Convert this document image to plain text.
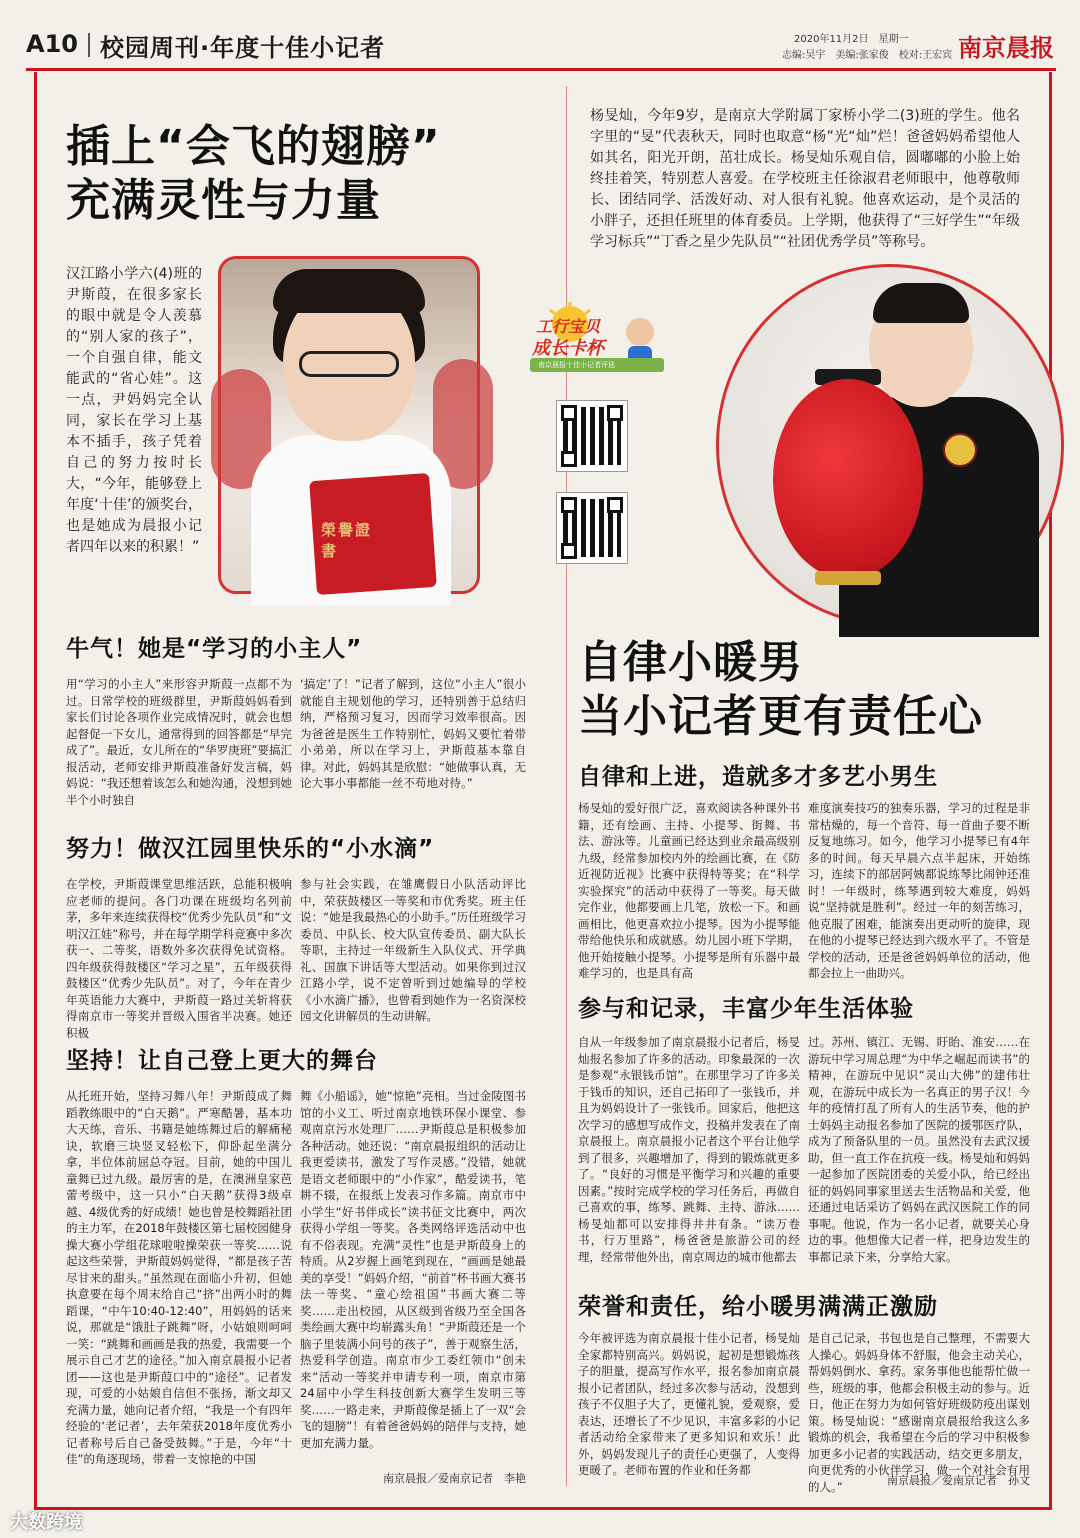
A10 校园周刊·年度十佳小记者	2020年11月2日　星期一
志编:吴宇　美编:张家俊　校对:王宏宾 南京晨报
插上“会飞的翅膀”
充满灵性与力量
汉江路小学六(4)班的尹斯葭，在很多家长的眼中就是令人羡慕的“别人家的孩子”，一个自强自律，能文能武的“省心娃”。这一点，尹妈妈完全认同，家长在学习上基本不插手，孩子凭着自己的努力按时长大，“今年，能够登上年度‘十佳’的颁奖台，也是她成为晨报小记者四年以来的积累！”
榮譽證書
牛气！她是“学习的小主人”
用“学习的小主人”来形容尹斯葭一点都不为过。日常学校的班级群里，尹斯葭妈妈看到家长们讨论各项作业完成情况时，就会也想起督促一下女儿，通常得到的回答都是“早完成了”。最近，女儿所在的“华罗庚班”要搞汇报活动，老师安排尹斯葭准备好发言稿，妈妈说：“我还想着该怎么和她沟通，没想到她半个小时独自
‘搞定’了！”记者了解到，这位“小主人”很小就能自主规划他的学习，还特别善于总结归纳，严格预习复习，因而学习效率很高。因为爸爸是医生工作特别忙，妈妈又要忙着带小弟弟，所以在学习上，尹斯葭基本靠自律。对此，妈妈其是欣慰：“她做事认真，无论大事小事都能一丝不苟地对待。”
努力！做汉江园里快乐的“小水滴”
在学校，尹斯葭课堂思维活跃，总能积极响应老师的提问。各门功课在班级均名列前茅，多年来连续获得校“优秀少先队员”和“文明汉江娃”称号，并在每学期学科竞赛中多次获一、二等奖，语数外多次获得免试资格。四年级获得鼓楼区“学习之星”，五年级获得鼓楼区“优秀少先队员”。对了，今年在青少年英语能力大赛中，尹斯葭一路过关斩将获得南京市一等奖并晋级入围省半决赛。她还积极
参与社会实践，在雏鹰假日小队活动评比中，荣获鼓楼区一等奖和市优秀奖。班主任说：“她是我最热心的小助手。”历任班级学习委员、中队长、校大队宣传委员、副大队长等职，主持过一年级新生入队仪式、开学典礼、国旗下讲话等大型活动。如果你到过汉江路小学，说不定曾听到过她编导的学校《小水滴广播》，也曾看到她作为一名资深校园文化讲解员的生动讲解。
坚持！让自己登上更大的舞台
从托班开始，坚持习舞八年！尹斯葭成了舞蹈教练眼中的“白天鹅”。严寒酷暑，基本功大天练，音乐、书籍是她练舞过后的解痛秘诀，软磨三块竖叉轻松下，仰卧起坐满分拿，半位体前屈总夺冠。目前，她的中国儿童舞已过九级。最厉害的是，在澳洲皇家芭蕾考级中，这一只小“白天鹅”获得3级卓越、4级优秀的好成绩！她也曾是校舞蹈社团的主力军，在2018年鼓楼区第七届校园健身操大赛小学组花球啦啦操荣获一等奖……说起这些荣誉，尹斯葭妈妈觉得，“都是孩子苦尽甘来的甜头。”虽然现在面临小升初，但她执意要在每个周末给自己“挤”出两小时的舞蹈课，“中午10:40-12:40”，用妈妈的话来说，那就是“饿肚子跳舞”呀，小姑娘则呵呵一笑：“跳舞和画画是我的热爱，我需要一个展示自己才艺的途径。”加入南京晨报小记者团——这也是尹斯葭口中的“途径”。记者发现，可爱的小姑娘自信但不张扬，渐文却又充满力量，她向记者介绍，“我是一个有四年经验的‘老记者’，去年荣获2018年度优秀小记者称号后自己备受鼓舞。”于是，今年“十佳”的角逐现场，带着一支惊艳的中国
舞《小船谣》，她“惊艳”亮相。当过金陵图书馆的小义工、听过南京地铁环保小课堂、参观南京污水处理厂……尹斯葭总是积极参加各种活动。她还说：“南京晨报组织的活动让我更爱读书，激发了写作灵感。”没错，她就是语文老师眼中的“小作家”，酷爱读书，笔耕不辍，在报纸上发表习作多篇。南京市中小学生“好书伴成长”读书征文比赛中，两次获得小学组一等奖。各类网络评选活动中也有不俗表现。充满“灵性”也是尹斯葭身上的特质。从2岁握上画笔到现在，“画画是她最美的享受！”妈妈介绍，“前首”杯书画大赛书法一等奖、“童心绘祖国”书画大赛二等奖……走出校园，从区级到省级乃至全国各类绘画大赛中均崭露头角！“尹斯葭还是一个脑子里装满小问号的孩子”，善于观察生活，热爱科学创造。南京市少工委红领巾“创未来”活动一等奖并申请专利一项，南京市第24届中小学生科技创新大赛学生发明三等奖……一路走来，尹斯葭像是插上了一双“会飞的翅膀”！有着爸爸妈妈的陪伴与支持，她更加充满力量。
南京晨报／爱南京记者　李艳
杨旻灿，今年9岁，是南京大学附属丁家桥小学二(3)班的学生。他名字里的“旻”代表秋天，同时也取意“杨”光“灿”烂！爸爸妈妈希望他人如其名，阳光开朗，茁壮成长。杨旻灿乐观自信，圆嘟嘟的小脸上始终挂着笑，特别惹人喜爱。在学校班主任徐淑君老师眼中，他尊敬师长、团结同学、活泼好动、对人很有礼貌。他喜欢运动，是个灵活的小胖子，还担任班里的体育委员。上学期，他获得了“三好学生”“年级学习标兵”“丁香之星少先队员”“社团优秀学员”等称号。
工行宝贝
成长卡杯
南京晨报十佳小记者评选
自律小暖男
当小记者更有责任心
自律和上进，造就多才多艺小男生
杨旻灿的爱好很广泛，喜欢阅读各种课外书籍，还有绘画、主持、小提琴、街舞、书法、游泳等。儿童画已经达到业余最高级别九级，经常参加校内外的绘画比赛，在《防近视防近视》比赛中获得特等奖；在“科学实验探究”的活动中获得了一等奖。每天做完作业，他都要画上几笔，放松一下。和画画相比，他更喜欢拉小提琴。因为小提琴能带给他快乐和成就感。幼儿园小班下学期，他开始接触小提琴。小提琴是所有乐器中最难学习的，也是具有高
难度演奏技巧的独奏乐器，学习的过程是非常枯燥的，每一个音符、每一首曲子要不断反复地练习。如今，他学习小提琴已有4年多的时间。每天早晨六点半起床，开始练习，连续下的部居阿姨都说练琴比闹钟还准时！一年级时，练琴遇到较大难度，妈妈说“坚持就是胜利”。经过一年的刻苦练习，他克服了困难，能演奏出更动听的旋律，现在他的小提琴已经达到六级水平了。不管是学校的活动，还是爸爸妈妈单位的活动，他都会拉上一曲助兴。
参与和记录，丰富少年生活体验
自从一年级参加了南京晨报小记者后，杨旻灿报名参加了许多的活动。印象最深的一次是参观“永银钱币馆”。在那里学习了许多关于钱币的知识，还自己拓印了一张钱币，并且为妈妈设计了一张钱币。回家后，他把这次学习的感想写成作文，投稿并发表在了南京晨报上。南京晨报小记者这个平台让他学到了很多，兴趣增加了，得到的锻炼就更多了。“良好的习惯是平衡学习和兴趣的重要因素。”按时完成学校的学习任务后，再做自己喜欢的事，练琴、跳舞、主持、游泳……杨旻灿都可以安排得井井有条。“读万卷书，行万里路”，杨爸爸是旅游公司的经理，经常带他外出，南京周边的城市他都去
过。苏州、镇江、无锡、盱眙、淮安……在游玩中学习周总理“为中华之崛起而读书”的精神，在游玩中见识“灵山大佛”的建伟壮观，在游玩中成长为一名真正的男子汉！今年的疫情打乱了所有人的生活节奏，他的护士妈妈主动报名参加了医院的援鄂医疗队，成为了预备队里的一员。虽然没有去武汉援助，但一直工作在抗疫一线。杨旻灿和妈妈一起参加了医院团委的关爱小队，给已经出征的妈妈同事家里送去生活物品和关爱，他还通过电话采访了妈妈在武汉医院工作的同事呢。他说，作为一名小记者，就要关心身边的事。他想像大记者一样，把身边发生的事都记录下来，分享给大家。
荣誉和责任，给小暖男满满正激励
今年被评选为南京晨报十佳小记者，杨旻灿全家都特别高兴。妈妈说，起初是想锻炼孩子的胆量，提高写作水平，报名参加南京晨报小记者团队，经过多次参与活动，没想到孩子不仅胆子大了，更懂礼貌，爱观察，爱表达，还增长了不少见识，丰富多彩的小记者活动给全家带来了更多知识和欢乐！此外，妈妈发现儿子的责任心更强了，人变得更暖了。老师布置的作业和任务都
是自己记录，书包也是自己整理，不需要大人操心。妈妈身体不舒服，他会主动关心，帮妈妈倒水、拿药。家务事他也能帮忙做一些，班级的事，他都会积极主动的参与。近日，他正在努力为如何管好班级防疫出谋划策。杨旻灿说：“感谢南京晨报给我这么多锻炼的机会，我希望在今后的学习中积极参加更多小记者的实践活动，结交更多朋友，向更优秀的小伙伴学习，做一个对社会有用的人。”	南京晨报／爱南京记者　孙文
大数跨境
